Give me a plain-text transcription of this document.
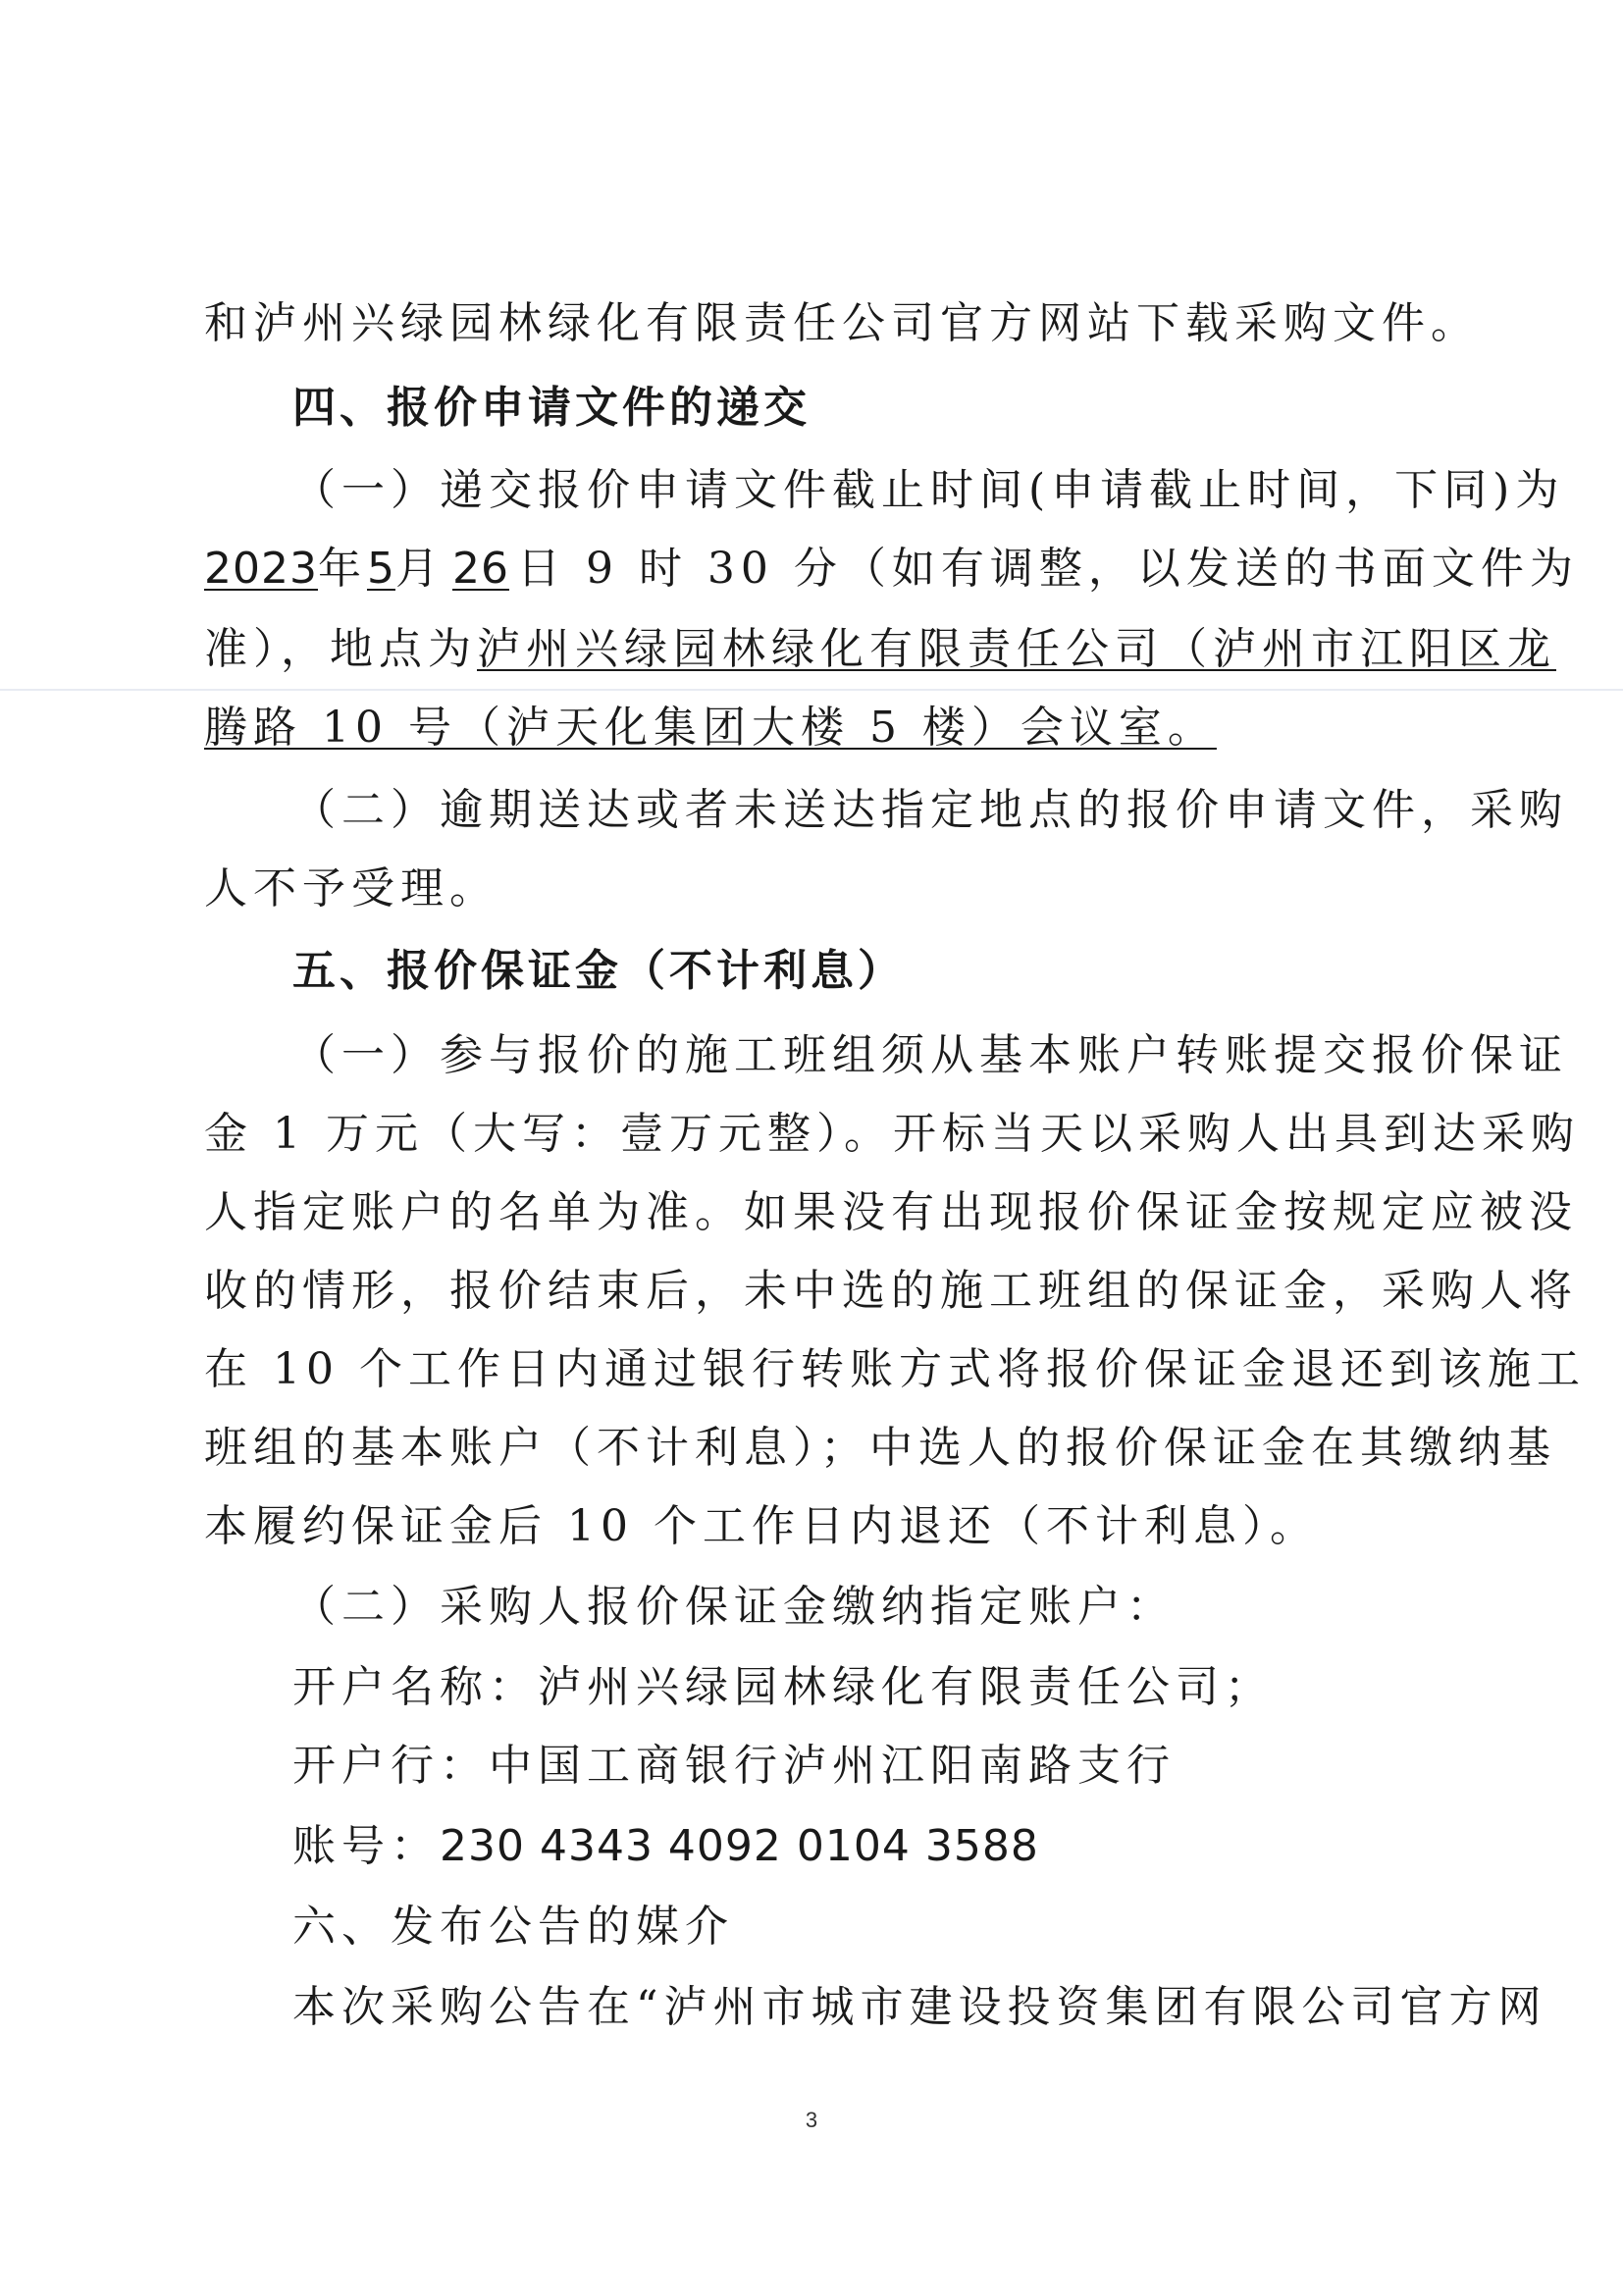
和泸州兴绿园林绿化有限责任公司官方网站下载采购文件。
四、报价申请文件的递交
（一）递交报价申请文件截止时间(申请截止时间，下同)为
2023年5月 26 日 9 时 30 分（如有调整，以发送的书面文件为
准），地点为泸州兴绿园林绿化有限责任公司（泸州市江阳区龙
腾路 10 号（泸天化集团大楼 5 楼）会议室。
（二）逾期送达或者未送达指定地点的报价申请文件，采购
人不予受理。
五、报价保证金（不计利息）
（一）参与报价的施工班组须从基本账户转账提交报价保证
金 1 万元（大写：壹万元整）。开标当天以采购人出具到达采购
人指定账户的名单为准。如果没有出现报价保证金按规定应被没
收的情形，报价结束后，未中选的施工班组的保证金，采购人将
在 10 个工作日内通过银行转账方式将报价保证金退还到该施工
班组的基本账户（不计利息）；中选人的报价保证金在其缴纳基
本履约保证金后 10 个工作日内退还（不计利息）。
（二）采购人报价保证金缴纳指定账户：
开户名称：泸州兴绿园林绿化有限责任公司；
开户行：中国工商银行泸州江阳南路支行
账号：230 4343 4092 0104 3588
六、发布公告的媒介
本次采购公告在“泸州市城市建设投资集团有限公司官方网
3
